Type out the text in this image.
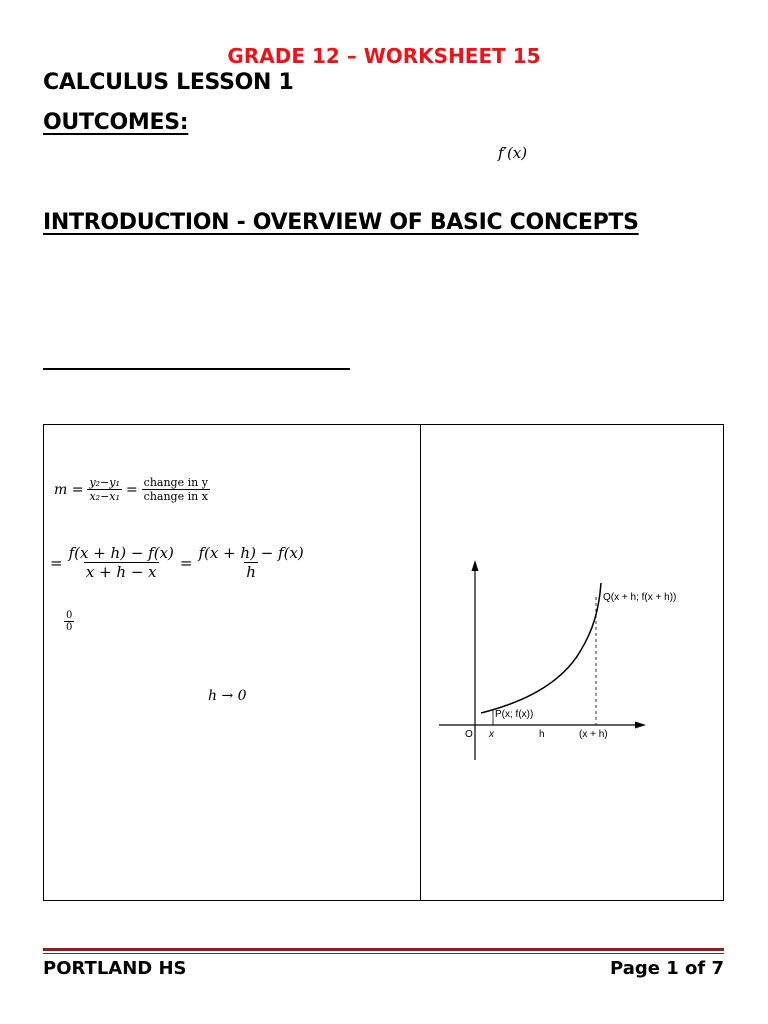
GRADE 12 – WORKSHEET 15
CALCULUS LESSON 1
OUTCOMES:
f′(x)
INTRODUCTION - OVERVIEW OF BASIC CONCEPTS
$m = \frac{\text{y₂−y₁}}{\text{x₂−x₁}} = \frac{\text{change in y}}{\text{change in x}}$
= $\frac{f(x + h) - f(x)}{x + h - x} = \frac{f(x + h) - f(x)}{h}$
$\frac{0}{0}$
h → 0
Q(x + h; f(x + h))
P(x; f(x))
O x	h	(x + h)
PORTLAND HS	Page 1 of 7
